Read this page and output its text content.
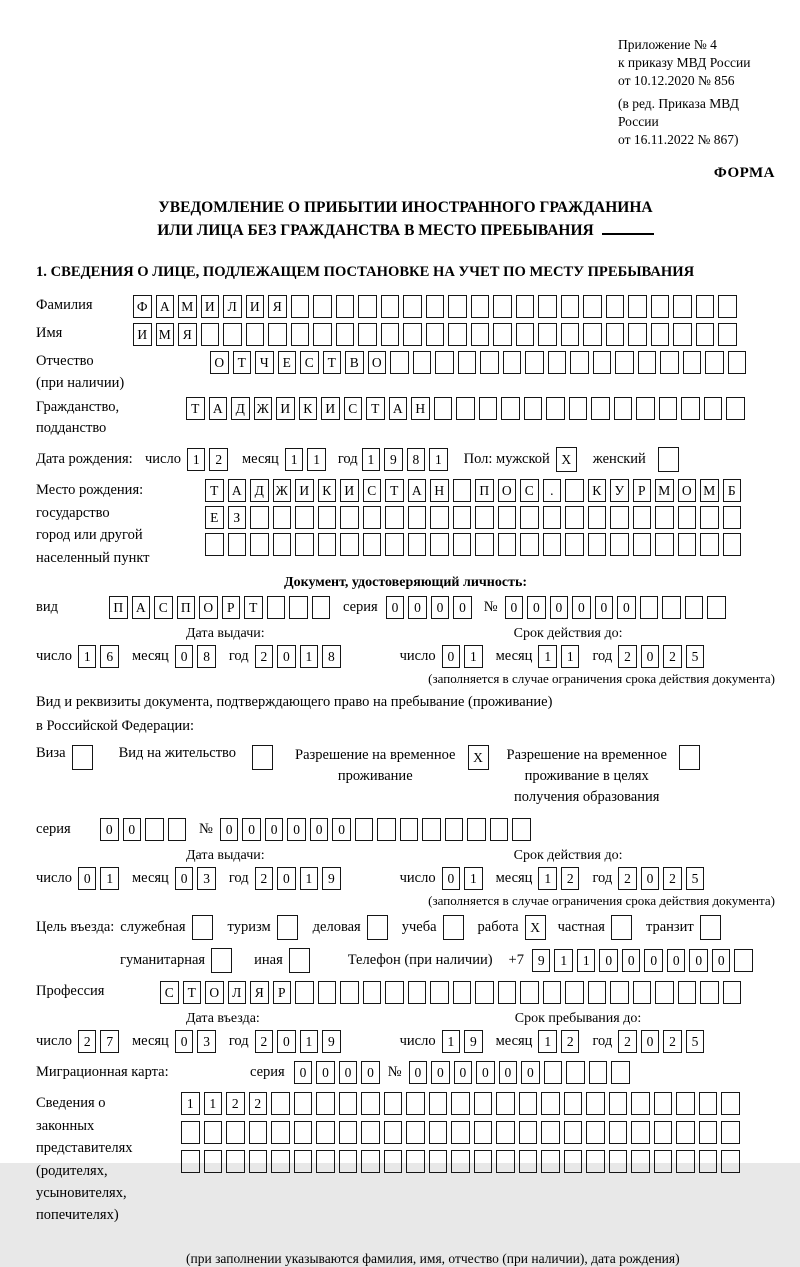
Приложение № 4
к приказу МВД России
от 10.12.2020 № 856
(в ред. Приказа МВД России
от 16.11.2022 № 867)
ФОРМА
УВЕДОМЛЕНИЕ О ПРИБЫТИИ ИНОСТРАННОГО ГРАЖДАНИНА
ИЛИ ЛИЦА БЕЗ ГРАЖДАНСТВА В МЕСТО ПРЕБЫВАНИЯ
1. СВЕДЕНИЯ О ЛИЦЕ, ПОДЛЕЖАЩЕМ ПОСТАНОВКЕ НА УЧЕТ ПО МЕСТУ ПРЕБЫВАНИЯ
Фамилия	Ф А М И Л И Я
Имя	И М Я
Отчество
(при наличии)
О	Т	Ч	Е	С	Т	В О
Гражданство,
подданство
Т	А Д Ж И К И С	Т	А Н
Дата рождения: число 1	2	месяц 1	1	год 1	9	8	1	Пол: мужской X	женский
Место рождения:
государство
город или другой
населенный пункт
Т	А Д Ж И К И С	Т	А Н	П О С	.	К У	Р М О М Б
Е	З
Документ, удостоверяющий личность:
вид	П А С П О	Р	Т	серия	0	0	0	0	№ 0	0	0	0	0	0
Дата выдачи:	Срок действия до:
число 1	6	месяц 0	8	год 2	0	1	8	число 0	1	месяц 1	1	год 2	0	2	5
(заполняется в случае ограничения срока действия документа)
Вид и реквизиты документа, подтверждающего право на пребывание (проживание)
в Российской Федерации:
Виза	Вид на жительство	Разрешение на временное
проживание
X	Разрешение на временное
проживание в целях
получения образования
серия	0	0	№ 0	0	0	0	0	0
Дата выдачи:	Срок действия до:
число 0	1	месяц 0	3	год 2	0	1	9	число 0	1	месяц 1	2	год 2	0	2	5
(заполняется в случае ограничения срока действия документа)
Цель въезда: служебная	туризм	деловая	учеба	работа X	частная	транзит
гуманитарная	иная	Телефон (при наличии) +7	9	1	1	0	0	0	0	0	0
Профессия	С	Т	О Л Я	Р
Дата въезда:	Срок пребывания до:
число 2	7	месяц 0	3	год 2	0	1	9	число 1	9	месяц 1	2	год 2	0	2	5
Миграционная карта:	серия	0	0	0	0 № 0	0	0	0	0	0
Сведения о
законных
представителях
(родителях,
усыновителях,
попечителях)
1	1	2	2
(при заполнении указываются фамилия, имя, отчество (при наличии), дата рождения)
